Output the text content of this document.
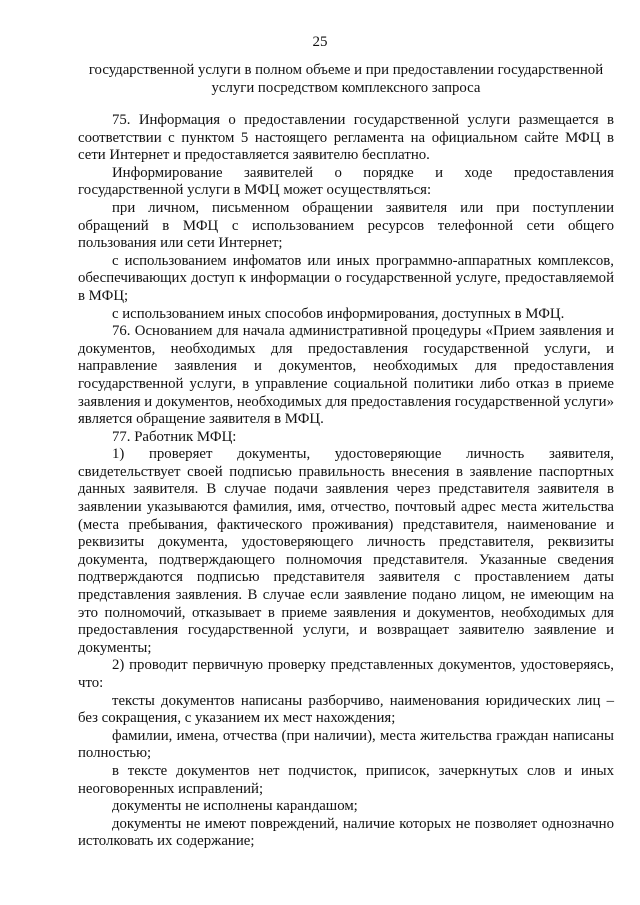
25
государственной услуги в полном объеме и при предоставлении государственной услуги посредством комплексного запроса

75. Информация о предоставлении государственной услуги размещается в соответствии с пунктом 5 настоящего регламента на официальном сайте МФЦ в сети Интернет и предоставляется заявителю бесплатно.

Информирование заявителей о порядке и ходе предоставления государственной услуги в МФЦ может осуществляться:

при личном, письменном обращении заявителя или при поступлении обращений в МФЦ с использованием ресурсов телефонной сети общего пользования или сети Интернет;

с использованием инфоматов или иных программно-аппаратных комплексов, обеспечивающих доступ к информации о государственной услуге, предоставляемой в МФЦ;

с использованием иных способов информирования, доступных в МФЦ.

76. Основанием для начала административной процедуры «Прием заявления и документов, необходимых для предоставления государственной услуги, и направление заявления и документов, необходимых для предоставления государственной услуги, в управление социальной политики либо отказ в приеме заявления и документов, необходимых для предоставления государственной услуги» является обращение заявителя в МФЦ.

77. Работник МФЦ:

1) проверяет документы, удостоверяющие личность заявителя, свидетельствует своей подписью правильность внесения в заявление паспортных данных заявителя. В случае подачи заявления через представителя заявителя в заявлении указываются фамилия, имя, отчество, почтовый адрес места жительства (места пребывания, фактического проживания) представителя, наименование и реквизиты документа, удостоверяющего личность представителя, реквизиты документа, подтверждающего полномочия представителя. Указанные сведения подтверждаются подписью представителя заявителя с проставлением даты представления заявления. В случае если заявление подано лицом, не имеющим на это полномочий, отказывает в приеме заявления и документов, необходимых для предоставления государственной услуги, и возвращает заявителю заявление и документы;

2) проводит первичную проверку представленных документов, удостоверяясь, что:

тексты документов написаны разборчиво, наименования юридических лиц – без сокращения, с указанием их мест нахождения;

фамилии, имена, отчества (при наличии), места жительства граждан написаны полностью;

в тексте документов нет подчисток, приписок, зачеркнутых слов и иных неоговоренных исправлений;

документы не исполнены карандашом;

документы не имеют повреждений, наличие которых не позволяет однозначно истолковать их содержание;
